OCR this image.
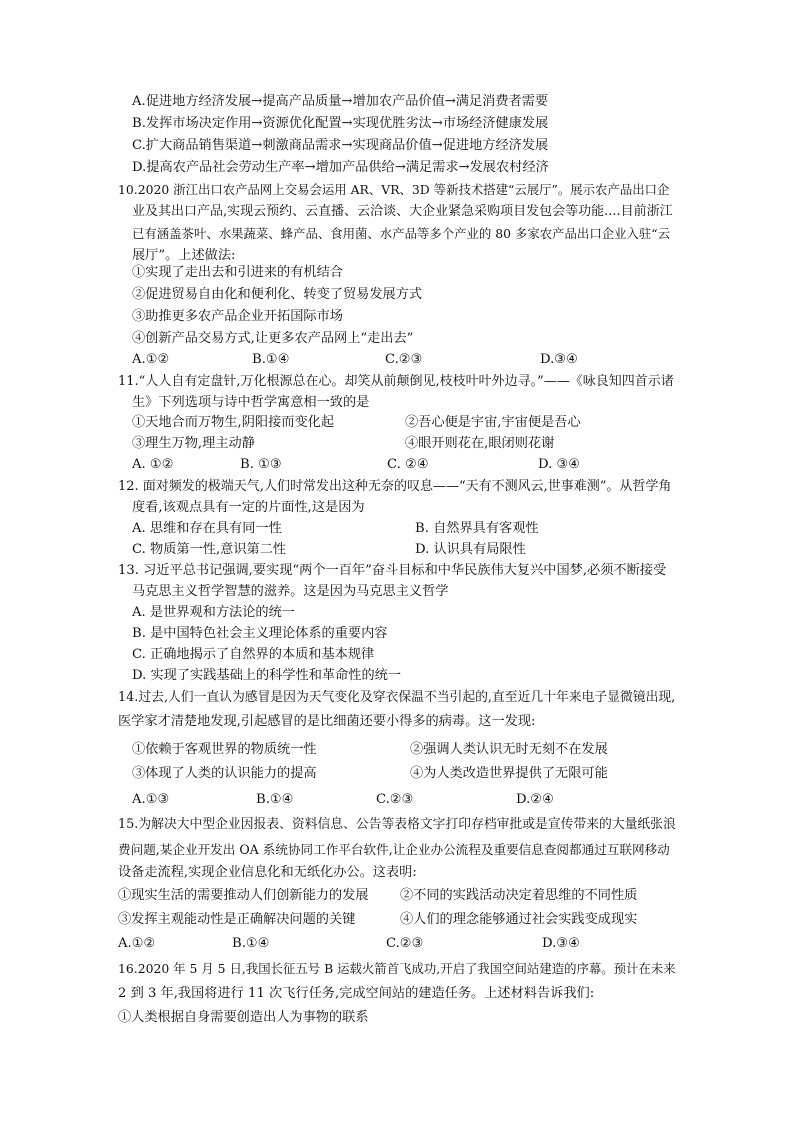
A.促进地方经济发展→提高产品质量→增加农产品价值→满足消费者需要
B.发挥市场决定作用→资源优化配置→实现优胜劣汰→市场经济健康发展
C.扩大商品销售渠道→刺激商品需求→实现商品价值→促进地方经济发展
D.提高农产品社会劳动生产率→增加产品供给→满足需求→发展农村经济
10.2020 浙江出口农产品网上交易会运用 AR、VR、3D 等新技术搭建“云展厅”。展示农产品出口企
业及其出口产品,实现云预约、云直播、云洽谈、大企业紧急采购项目发包会等功能....目前浙江
已有涵盖茶叶、水果蔬菜、蜂产品、食用菌、水产品等多个产业的 80 多家农产品出口企业入驻“云
展厅”。上述做法:
①实现了走出去和引进来的有机结合
②促进贸易自由化和便利化、转变了贸易发展方式
③助推更多农产品企业开拓国际市场
④创新产品交易方式,让更多农产品网上“走出去”
A.①②	B.①④	C.②③	D.③④
11.“人人自有定盘针,万化根源总在心。却笑从前颠倒见,枝枝叶叶外边寻。”——《咏良知四首示诸
生》下列选项与诗中哲学寓意相一致的是
①天地合而万物生,阴阳接而变化起	②吾心便是宇宙,宇宙便是吾心
③理生万物,理主动静	④眼开则花在,眼闭则花谢
A. ①②	B. ①③	C. ②④	D. ③④
12. 面对频发的极端天气,人们时常发出这种无奈的叹息——“天有不测风云,世事难测”。从哲学角
度看,该观点具有一定的片面性,这是因为
A. 思维和存在具有同一性	B. 自然界具有客观性
C. 物质第一性,意识第二性	D. 认识具有局限性
13. 习近平总书记强调,要实现“两个一百年”奋斗目标和中华民族伟大复兴中国梦,必须不断接受
马克思主义哲学智慧的滋养。这是因为马克思主义哲学
A. 是世界观和方法论的统一
B. 是中国特色社会主义理论体系的重要内容
C. 正确地揭示了自然界的本质和基本规律
D. 实现了实践基础上的科学性和革命性的统一
14.过去,人们一直认为感冒是因为天气变化及穿衣保温不当引起的,直至近几十年来电子显微镜出现,
医学家才清楚地发现,引起感冒的是比细菌还要小得多的病毒。这一发现:
①依赖于客观世界的物质统一性	②强调人类认识无时无刻不在发展
③体现了人类的认识能力的提高	④为人类改造世界提供了无限可能
A.①③	B.①④	C.②③	D.②④
15.为解决大中型企业因报表、资料信息、公告等表格文字打印存档审批或是宣传带来的大量纸张浪
费问题,某企业开发出 OA 系统协同工作平台软件,让企业办公流程及重要信息查阅都通过互联网移动
设备走流程,实现企业信息化和无纸化办公。这表明:
①现实生活的需要推动人们创新能力的发展 ②不同的实践活动决定着思维的不同性质
③发挥主观能动性是正确解决问题的关键	④人们的理念能够通过社会实践变成现实
A.①②	B.①④	C.②③	D.③④
16.2020 年 5 月 5 日,我国长征五号 B 运载火箭首飞成功,开启了我国空间站建造的序幕。预计在未来
2 到 3 年,我国将进行 11 次飞行任务,完成空间站的建造任务。上述材料告诉我们:
①人类根据自身需要创造出人为事物的联系
